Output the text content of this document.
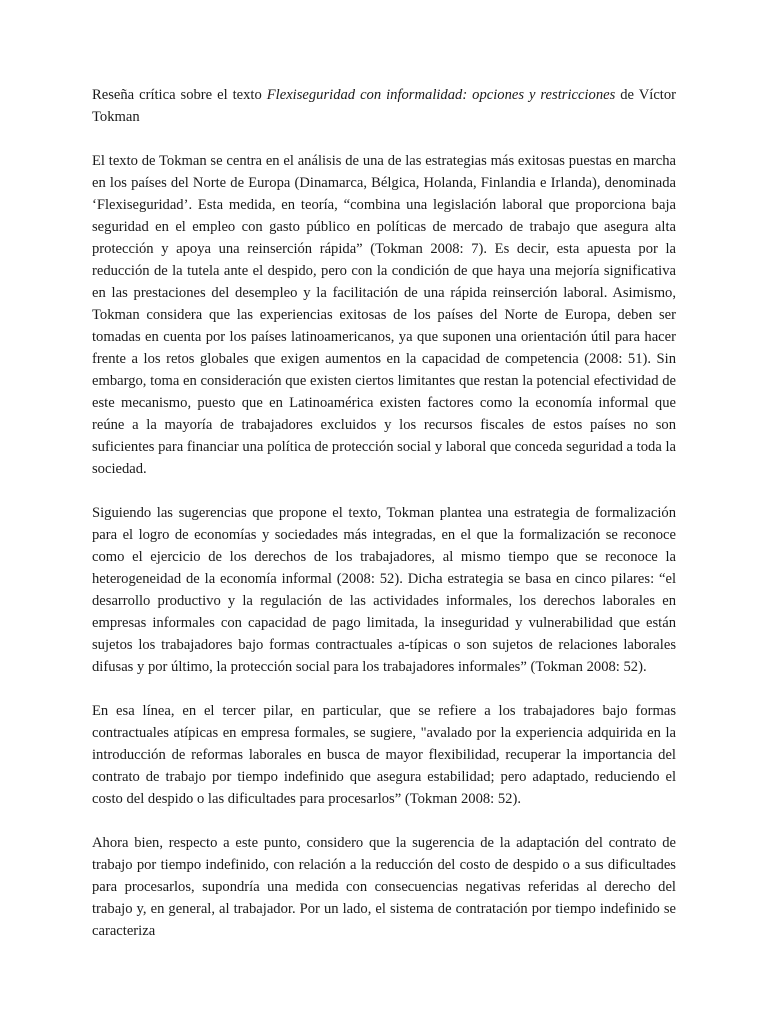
Reseña crítica sobre el texto Flexiseguridad con informalidad: opciones y restricciones de Víctor Tokman

El texto de Tokman se centra en el análisis de una de las estrategias más exitosas puestas en marcha en los países del Norte de Europa (Dinamarca, Bélgica, Holanda, Finlandia e Irlanda), denominada ‘Flexiseguridad’. Esta medida, en teoría, “combina una legislación laboral que proporciona baja seguridad en el empleo con gasto público en políticas de mercado de trabajo que asegura alta protección y apoya una reinserción rápida” (Tokman 2008: 7). Es decir, esta apuesta por la reducción de la tutela ante el despido, pero con la condición de que haya una mejoría significativa en las prestaciones del desempleo y la facilitación de una rápida reinserción laboral. Asimismo, Tokman considera que las experiencias exitosas de los países del Norte de Europa, deben ser tomadas en cuenta por los países latinoamericanos, ya que suponen una orientación útil para hacer frente a los retos globales que exigen aumentos en la capacidad de competencia (2008: 51). Sin embargo, toma en consideración que existen ciertos limitantes que restan la potencial efectividad de este mecanismo, puesto que en Latinoamérica existen factores como la economía informal que reúne a la mayoría de trabajadores excluidos y los recursos fiscales de estos países no son suficientes para financiar una política de protección social y laboral que conceda seguridad a toda la sociedad.

Siguiendo las sugerencias que propone el texto, Tokman plantea una estrategia de formalización para el logro de economías y sociedades más integradas, en el que la formalización se reconoce como el ejercicio de los derechos de los trabajadores, al mismo tiempo que se reconoce la heterogeneidad de la economía informal (2008: 52). Dicha estrategia se basa en cinco pilares: “el desarrollo productivo y la regulación de las actividades informales, los derechos laborales en empresas informales con capacidad de pago limitada, la inseguridad y vulnerabilidad que están sujetos los trabajadores bajo formas contractuales a-típicas o son sujetos de relaciones laborales difusas y por último, la protección social para los trabajadores informales” (Tokman 2008: 52).

En esa línea, en el tercer pilar, en particular, que se refiere a los trabajadores bajo formas contractuales atípicas en empresa formales, se sugiere, "avalado por la experiencia adquirida en la introducción de reformas laborales en busca de mayor flexibilidad, recuperar la importancia del contrato de trabajo por tiempo indefinido que asegura estabilidad; pero adaptado, reduciendo el costo del despido o las dificultades para procesarlos” (Tokman 2008: 52).

Ahora bien, respecto a este punto, considero que la sugerencia de la adaptación del contrato de trabajo por tiempo indefinido, con relación a la reducción del costo de despido o a sus dificultades para procesarlos, supondría una medida con consecuencias negativas referidas al derecho del trabajo y, en general, al trabajador. Por un lado, el sistema de contratación por tiempo indefinido se caracteriza
